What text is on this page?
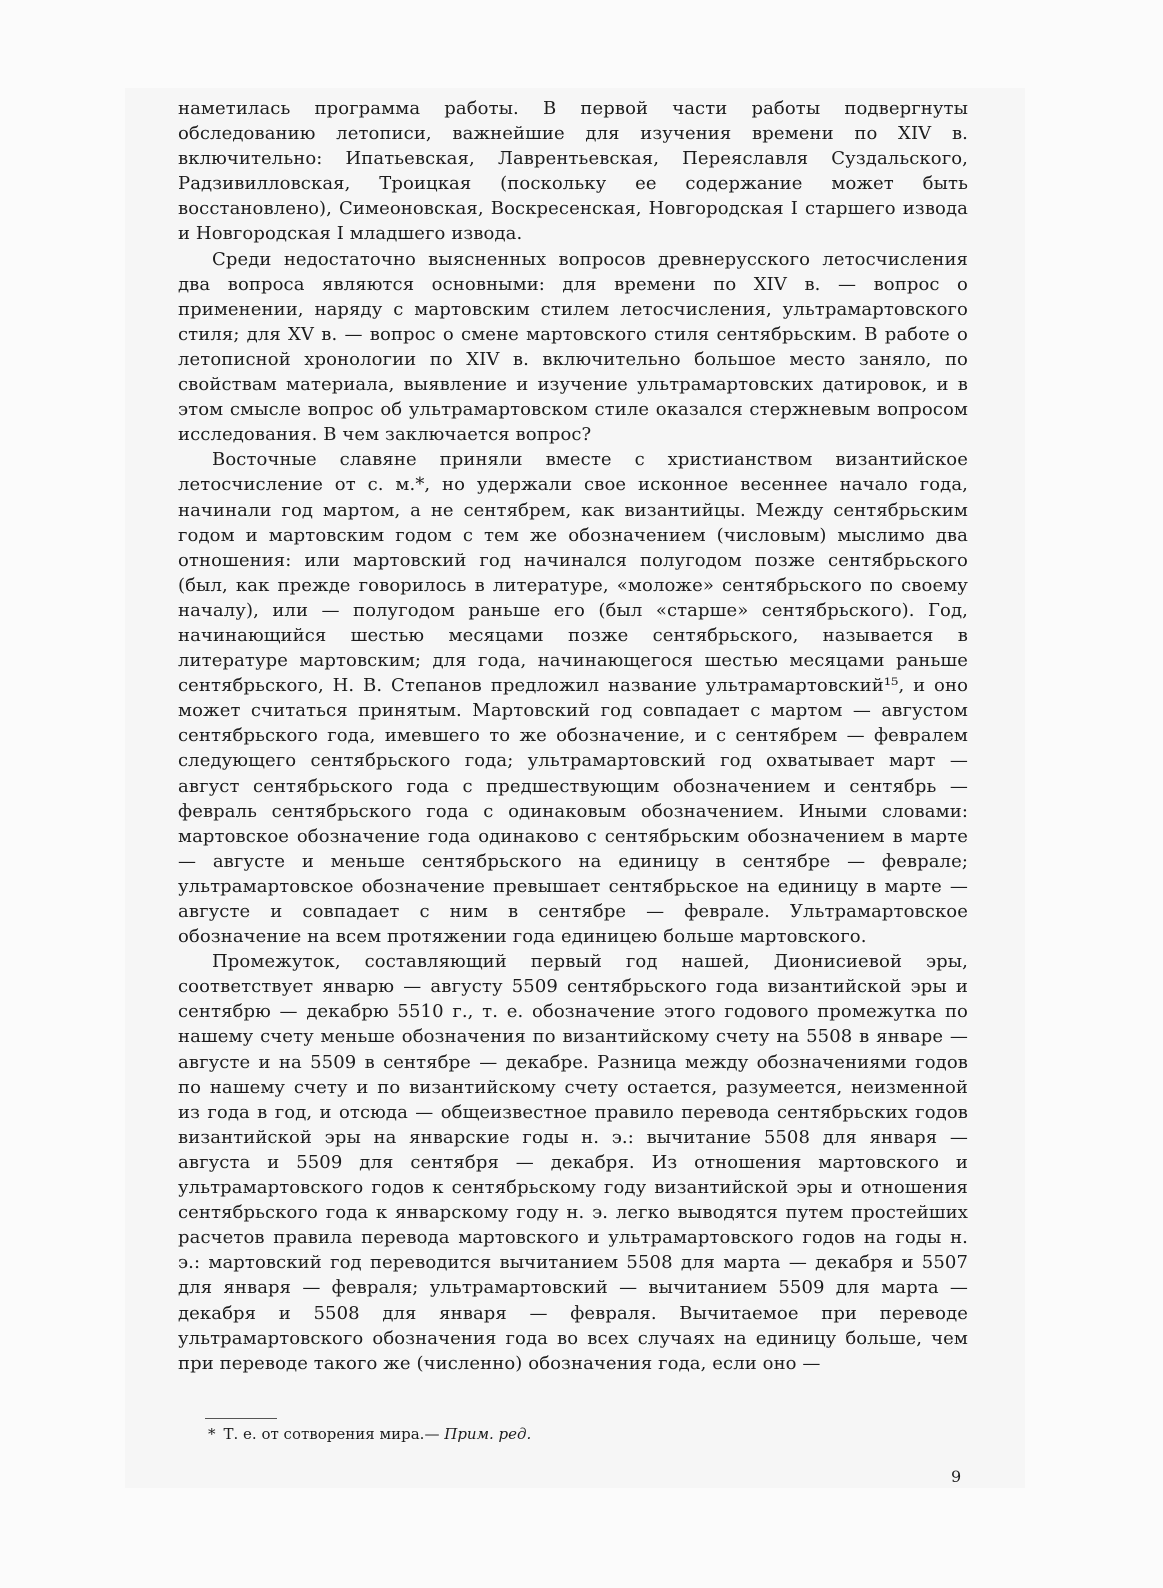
наметилась программа работы. В первой части работы подвергнуты обследованию летописи, важнейшие для изучения времени по XIV в. включительно: Ипатьевская, Лаврентьевская, Переяславля Суздальского, Радзивилловская, Троицкая (поскольку ее содержание может быть восстановлено), Симеоновская, Воскресенская, Новгородская I старшего извода и Новгородская I младшего извода.

Среди недостаточно выясненных вопросов древнерусского летосчисления два вопроса являются основными: для времени по XIV в. — вопрос о применении, наряду с мартовским стилем летосчисления, ультрамартовского стиля; для XV в. — вопрос о смене мартовского стиля сентябрьским. В работе о летописной хронологии по XIV в. включительно большое место заняло, по свойствам материала, выявление и изучение ультрамартовских датировок, и в этом смысле вопрос об ультрамартовском стиле оказался стержневым вопросом исследования. В чем заключается вопрос?

Восточные славяне приняли вместе с христианством византийское летосчисление от с. м.*, но удержали свое исконное весеннее начало года, начинали год мартом, а не сентябрем, как византийцы. Между сентябрьским годом и мартовским годом с тем же обозначением (числовым) мыслимо два отношения: или мартовский год начинался полугодом позже сентябрьского (был, как прежде говорилось в литературе, «моложе» сентябрьского по своему началу), или — полугодом раньше его (был «старше» сентябрьского). Год, начинающийся шестью месяцами позже сентябрьского, называется в литературе мартовским; для года, начинающегося шестью месяцами раньше сентябрьского, Н. В. Степанов предложил название ультрамартовский¹⁵, и оно может считаться принятым. Мартовский год совпадает с мартом — августом сентябрьского года, имевшего то же обозначение, и с сентябрем — февралем следующего сентябрьского года; ультрамартовский год охватывает март — август сентябрьского года с предшествующим обозначением и сентябрь — февраль сентябрьского года с одинаковым обозначением. Иными словами: мартовское обозначение года одинаково с сентябрьским обозначением в марте — августе и меньше сентябрьского на единицу в сентябре — феврале; ультрамартовское обозначение превышает сентябрьское на единицу в марте — августе и совпадает с ним в сентябре — феврале. Ультрамартовское обозначение на всем протяжении года единицею больше мартовского.

Промежуток, составляющий первый год нашей, Дионисиевой эры, соответствует январю — августу 5509 сентябрьского года византийской эры и сентябрю — декабрю 5510 г., т. е. обозначение этого годового промежутка по нашему счету меньше обозначения по византийскому счету на 5508 в январе — августе и на 5509 в сентябре — декабре. Разница между обозначениями годов по нашему счету и по византийскому счету остается, разумеется, неизменной из года в год, и отсюда — общеизвестное правило перевода сентябрьских годов византийской эры на январские годы н. э.: вычитание 5508 для января — августа и 5509 для сентября — декабря. Из отношения мартовского и ультрамартовского годов к сентябрьскому году византийской эры и отношения сентябрьского года к январскому году н. э. легко выводятся путем простейших расчетов правила перевода мартовского и ультрамартовского годов на годы н. э.: мартовский год переводится вычитанием 5508 для марта — декабря и 5507 для января — февраля; ультрамартовский — вычитанием 5509 для марта — декабря и 5508 для января — февраля. Вычитаемое при переводе ультрамартовского обозначения года во всех случаях на единицу больше, чем при переводе такого же (численно) обозначения года, если оно —

* Т. е. от сотворения мира.— Прим. ред.
9
